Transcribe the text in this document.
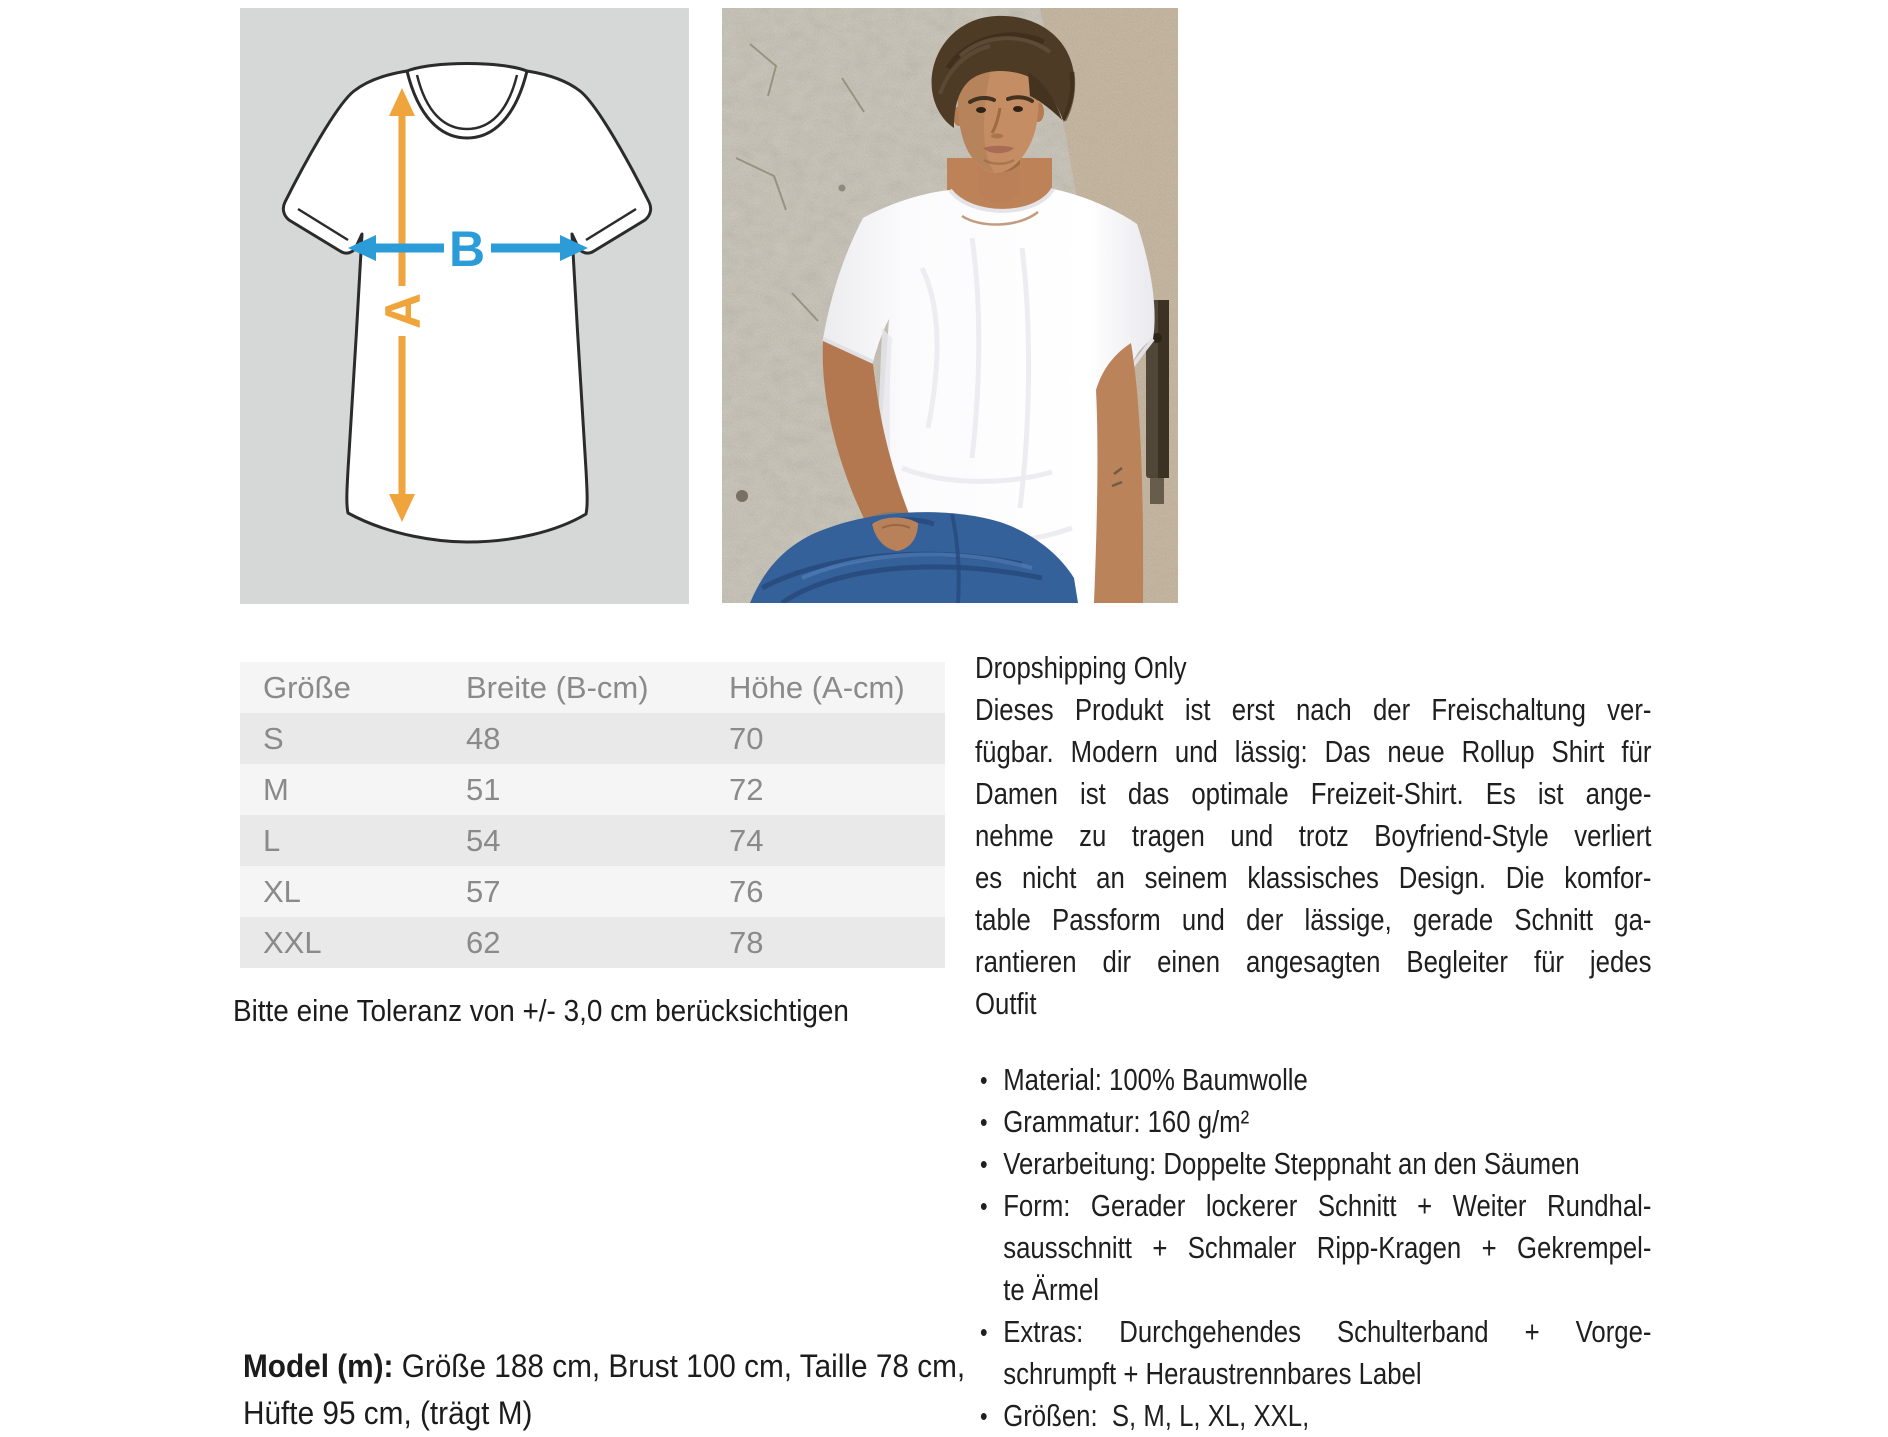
A
B
Größe	Breite (B-cm)	Höhe (A-cm)
S	48	70
M	51	72
L	54	74
XL	57	76
XXL	62	78
Bitte eine Toleranz von +/- 3,0 cm berücksichtigen
Model (m): Größe 188 cm, Brust 100 cm, Taille 78 cm,
Hüfte 95 cm, (trägt M)
Dropshipping Only
Dieses Produkt ist erst nach der Freischaltung ver-
fügbar. Modern und lässig: Das neue Rollup Shirt für
Damen ist das optimale Freizeit-Shirt. Es ist ange-
nehme zu tragen und trotz Boyfriend-Style verliert
es nicht an seinem klassisches Design. Die komfor-
table Passform und der lässige, gerade Schnitt ga-
rantieren dir einen angesagten Begleiter für jedes
Outfit
• Material: 100% Baumwolle
• Grammatur: 160 g/m²
• Verarbeitung: Doppelte Steppnaht an den Säumen
• Form: Gerader lockerer Schnitt + Weiter Rundhal-
sausschnitt + Schmaler Ripp-Kragen + Gekrempel-
te Ärmel
• Extras: Durchgehendes Schulterband + Vorge-
schrumpft + Heraustrennbares Label
• Größen:  S, M, L, XL, XXL,
